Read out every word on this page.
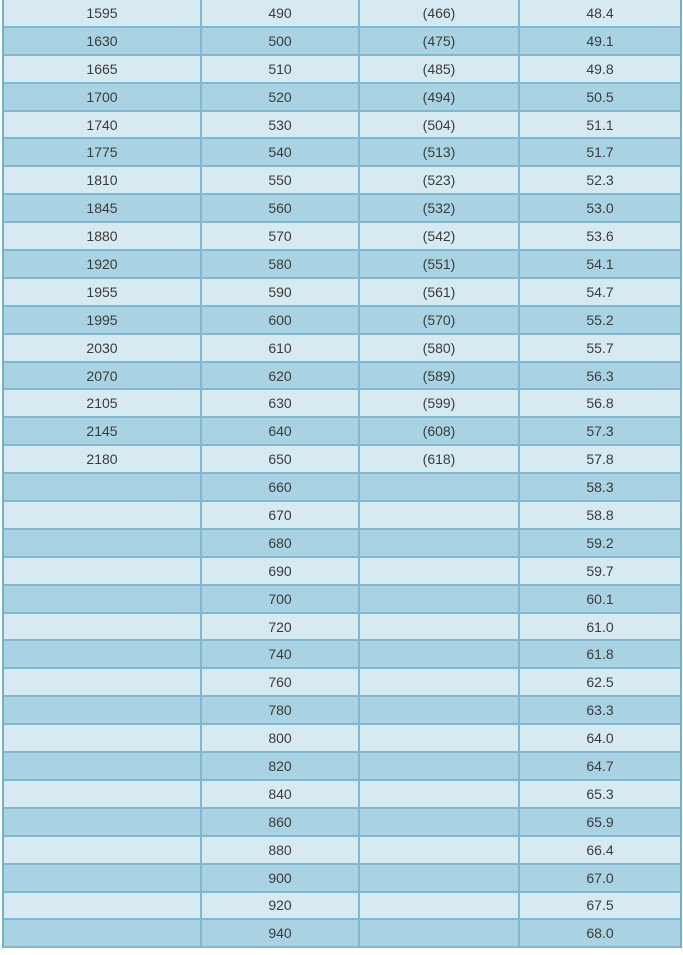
1595	490	(466)	48.4
1630	500	(475)	49.1
1665	510	(485)	49.8
1700	520	(494)	50.5
1740	530	(504)	51.1
1775	540	(513)	51.7
1810	550	(523)	52.3
1845	560	(532)	53.0
1880	570	(542)	53.6
1920	580	(551)	54.1
1955	590	(561)	54.7
1995	600	(570)	55.2
2030	610	(580)	55.7
2070	620	(589)	56.3
2105	630	(599)	56.8
2145	640	(608)	57.3
2180	650	(618)	57.8
	660		58.3
	670		58.8
	680		59.2
	690		59.7
	700		60.1
	720		61.0
	740		61.8
	760		62.5
	780		63.3
	800		64.0
	820		64.7
	840		65.3
	860		65.9
	880		66.4
	900		67.0
	920		67.5
	940		68.0
